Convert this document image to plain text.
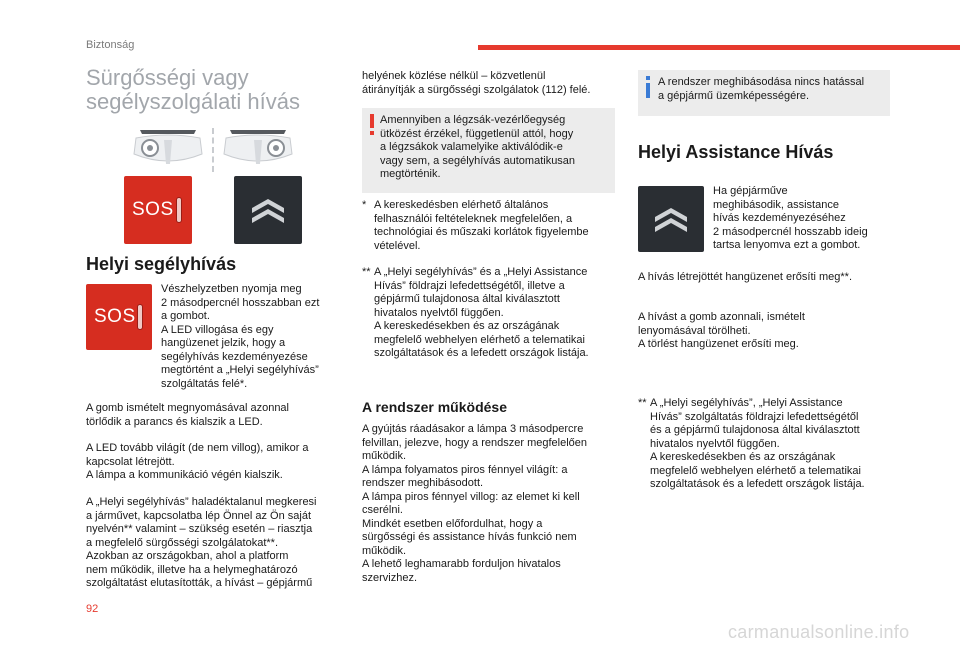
Biztonság
Sürgősségi vagy
segélyszolgálati hívás
SOS
Helyi segélyhívás
SOS
Vészhelyzetben nyomja meg
2 másodpercnél hosszabban ezt
a gombot.
A LED villogása és egy
hangüzenet jelzik, hogy a
segélyhívás kezdeményezése
megtörtént a „Helyi segélyhívás”
szolgáltatás felé*.
A gomb ismételt megnyomásával azonnal
törlődik a parancs és kialszik a LED.
A LED tovább világít (de nem villog), amikor a
kapcsolat létrejött.
A lámpa a kommunikáció végén kialszik.
A „Helyi segélyhívás” haladéktalanul megkeresi
a járművet, kapcsolatba lép Önnel az Ön saját
nyelvén** valamint – szükség esetén – riasztja
a megfelelő sürgősségi szolgálatokat**.
Azokban az országokban, ahol a platform
nem működik, illetve ha a helymeghatározó
szolgáltatást elutasították, a hívást – gépjármű
helyének közlése nélkül – közvetlenül
átirányítják a sürgősségi szolgálatok (112) felé.
Amennyiben a légzsák-vezérlőegység
ütközést érzékel, függetlenül attól, hogy
a légzsákok valamelyike aktiválódik-e
vagy sem, a segélyhívás automatikusan
megtörténik.

* A kereskedésben elérhető általános
felhasználói feltételeknek megfelelően, a
technológiai és műszaki korlátok figyelembe
vételével.

** A „Helyi segélyhívás” és a „Helyi Assistance
Hívás” földrajzi lefedettségétől, illetve a
gépjármű tulajdonosa által kiválasztott
hivatalos nyelvtől függően.
A kereskedésekben és az országának
megfelelő webhelyen elérhető a telematikai
szolgáltatások és a lefedett országok listája.

A rendszer működése
A gyújtás ráadásakor a lámpa 3 másodpercre
felvillan, jelezve, hogy a rendszer megfelelően
működik.
A lámpa folyamatos piros fénnyel világít: a
rendszer meghibásodott.
A lámpa piros fénnyel villog: az elemet ki kell
cserélni.
Mindkét esetben előfordulhat, hogy a
sürgősségi és assistance hívás funkció nem
működik.
A lehető leghamarabb forduljon hivatalos
szervizhez.
A rendszer meghibásodása nincs hatással
a gépjármű üzemképességére.
Helyi Assistance Hívás
Ha gépjárműve
meghibásodik, assistance
hívás kezdeményezéséhez
2 másodpercnél hosszabb ideig
tartsa lenyomva ezt a gombot.
A hívás létrejöttét hangüzenet erősíti meg**.
A hívást a gomb azonnali, ismételt
lenyomásával törölheti.
A törlést hangüzenet erősíti meg.

** A „Helyi segélyhívás”, „Helyi Assistance
Hívás” szolgáltatás földrajzi lefedettségétől
és a gépjármű tulajdonosa által kiválasztott
hivatalos nyelvtől függően.
A kereskedésekben és az országának
megfelelő webhelyen elérhető a telematikai
szolgáltatások és a lefedett országok listája.

92
carmanualsonline.info
